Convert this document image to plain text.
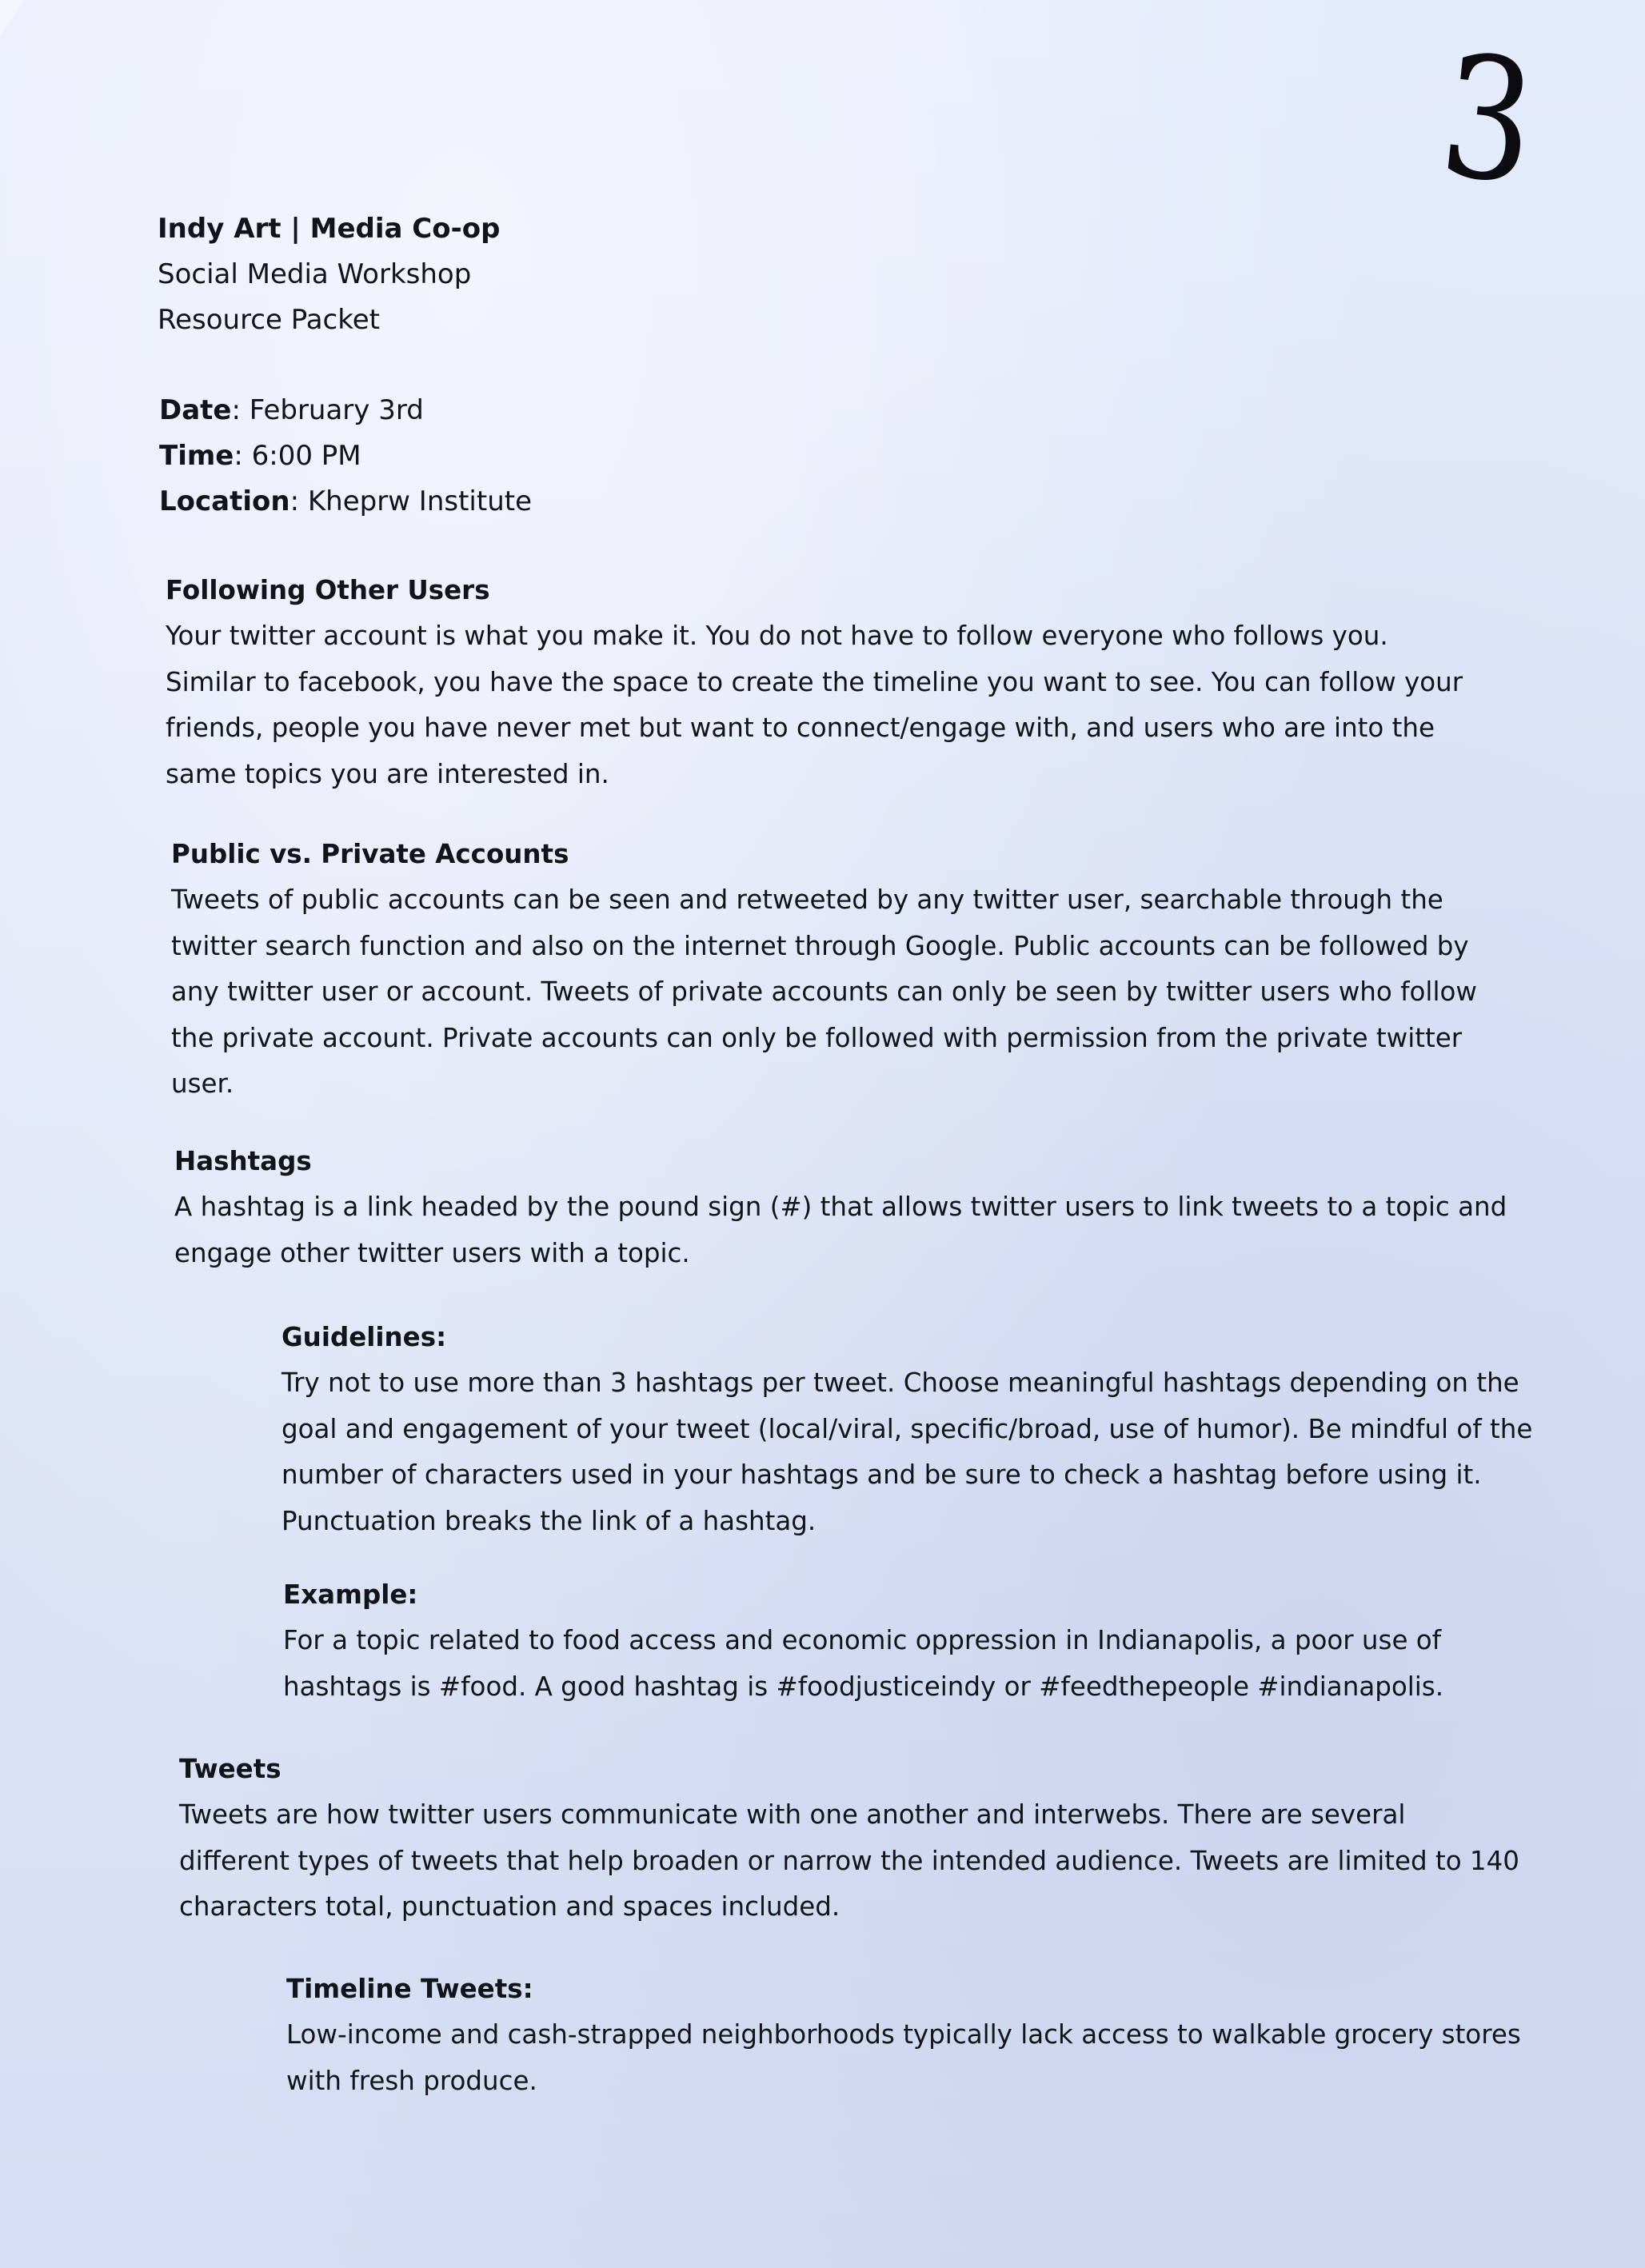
3
Indy Art | Media Co-op
Social Media Workshop
Resource Packet
Date: February 3rd
Time: 6:00 PM
Location: Kheprw Institute

Following Other Users

Your twitter account is what you make it. You do not have to follow everyone who follows you. Similar to facebook, you have the space to create the timeline you want to see. You can follow your friends, people you have never met but want to connect/engage with, and users who are into the same topics you are interested in.

Public vs. Private Accounts

Tweets of public accounts can be seen and retweeted by any twitter user, searchable through the twitter search function and also on the internet through Google. Public accounts can be followed by any twitter user or account. Tweets of private accounts can only be seen by twitter users who follow the private account. Private accounts can only be followed with permission from the private twitter user.

Hashtags

A hashtag is a link headed by the pound sign (#) that allows twitter users to link tweets to a topic and engage other twitter users with a topic.

Guidelines:

Try not to use more than 3 hashtags per tweet. Choose meaningful hashtags depending on the goal and engagement of your tweet (local/viral, specific/broad, use of humor). Be mindful of the number of characters used in your hashtags and be sure to check a hashtag before using it. Punctuation breaks the link of a hashtag.

Example:

For a topic related to food access and economic oppression in Indianapolis, a poor use of hashtags is #food. A good hashtag is #foodjusticeindy or #feedthepeople #indianapolis.

Tweets

Tweets are how twitter users communicate with one another and interwebs. There are several different types of tweets that help broaden or narrow the intended audience. Tweets are limited to 140 characters total, punctuation and spaces included.

Timeline Tweets:

Low-income and cash-strapped neighborhoods typically lack access to walkable grocery stores with fresh produce.
